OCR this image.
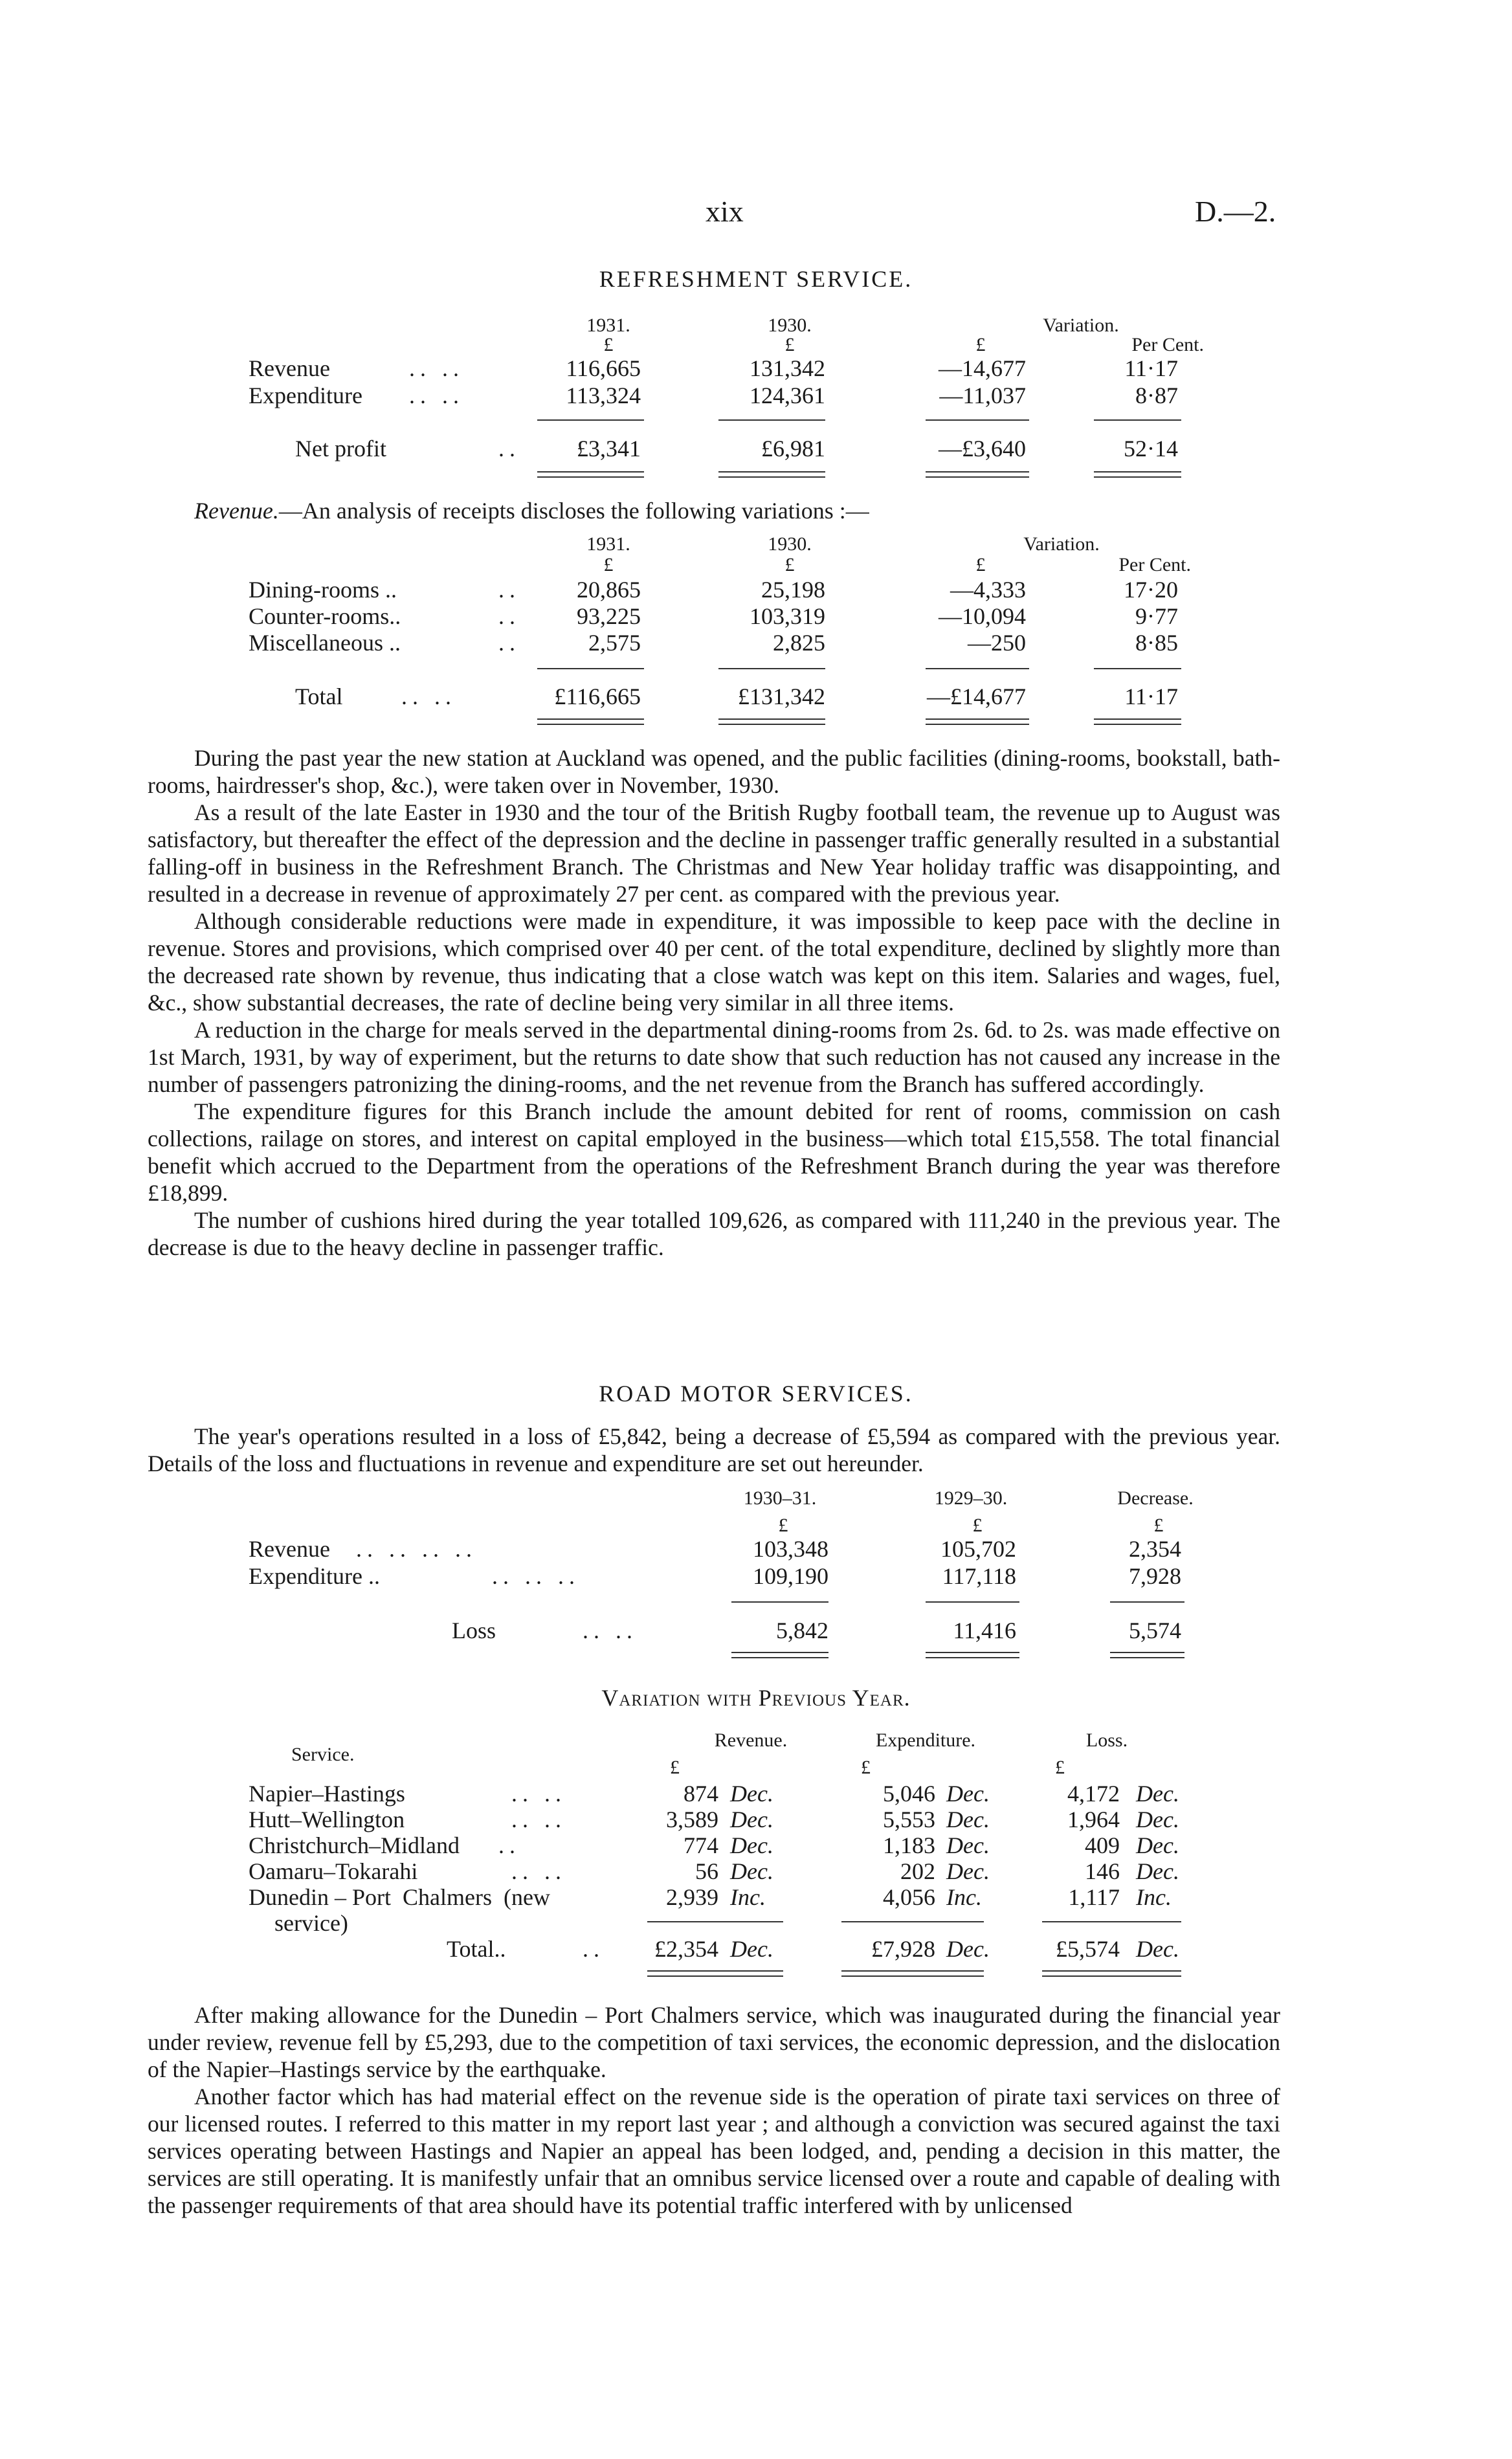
xix	D.—2.
REFRESHMENT SERVICE.
1931.	1930.	Variation.
£	£	£	Per Cent.
Revenue	.. ..	116,665	131,342	—14,677	11·17
Expenditure .. ..	113,324	124,361	—11,037	8·87
Net profit	..	£3,341	£6,981	—£3,640	52·14
Revenue.—An analysis of receipts discloses the following variations :—
1931.	1930.	Variation.
£	£	£	Per Cent.
Dining-rooms ..	..	20,865	25,198	—4,333	17·20
Counter-rooms..	..	93,225	103,319	—10,094	9·77
Miscellaneous ..	..	2,575	2,825	—250	8·85
Total	.. ..	£116,665	£131,342	—£14,677	11·17

During the past year the new station at Auckland was opened, and the public facilities (dining-rooms, bookstall, bath-rooms, hairdresser's shop, &c.), were taken over in November, 1930.

As a result of the late Easter in 1930 and the tour of the British Rugby football team, the revenue up to August was satisfactory, but thereafter the effect of the depression and the decline in passenger traffic generally resulted in a substantial falling-off in business in the Refreshment Branch. The Christmas and New Year holiday traffic was disappointing, and resulted in a decrease in revenue of approximately 27 per cent. as compared with the previous year.

Although considerable reductions were made in expenditure, it was impossible to keep pace with the decline in revenue. Stores and provisions, which comprised over 40 per cent. of the total expenditure, declined by slightly more than the decreased rate shown by revenue, thus indicating that a close watch was kept on this item. Salaries and wages, fuel, &c., show substantial decreases, the rate of decline being very similar in all three items.

A reduction in the charge for meals served in the departmental dining-rooms from 2s. 6d. to 2s. was made effective on 1st March, 1931, by way of experiment, but the returns to date show that such reduction has not caused any increase in the number of passengers patronizing the dining-rooms, and the net revenue from the Branch has suffered accordingly.

The expenditure figures for this Branch include the amount debited for rent of rooms, commission on cash collections, railage on stores, and interest on capital employed in the business—which total £15,558. The total financial benefit which accrued to the Department from the operations of the Refreshment Branch during the year was therefore £18,899.

The number of cushions hired during the year totalled 109,626, as compared with 111,240 in the previous year. The decrease is due to the heavy decline in passenger traffic.

ROAD MOTOR SERVICES.

The year's operations resulted in a loss of £5,842, being a decrease of £5,594 as compared with the previous year. Details of the loss and fluctuations in revenue and expenditure are set out hereunder.

1930–31.	1929–30.	Decrease.
£	£	£
Revenue .. .. .. ..	103,348	105,702	2,354
Expenditure ..	.. .. ..	109,190	117,118	7,928
Loss	.. ..	5,842	11,416	5,574
Variation with Previous Year.
Service.
Revenue.	Expenditure.	Loss.
£	£	£
Napier–Hastings	.. ..	874 Dec.	5,046 Dec.	4,172 Dec.
Hutt–Wellington	.. ..	3,589 Dec.	5,553 Dec.	1,964 Dec.
Christchurch–Midland ..	774 Dec.	1,183 Dec.	409 Dec.
Oamaru–Tokarahi	.. ..	56 Dec.	202 Dec.	146 Dec.
Dunedin – Port  Chalmers  (new	2,939 Inc.	4,056 Inc.	1,117 Inc.
service)
Total..	..	£2,354 Dec.	£7,928 Dec.	£5,574 Dec.

After making allowance for the Dunedin – Port Chalmers service, which was inaugurated during the financial year under review, revenue fell by £5,293, due to the competition of taxi services, the economic depression, and the dislocation of the Napier–Hastings service by the earthquake.

Another factor which has had material effect on the revenue side is the operation of pirate taxi services on three of our licensed routes. I referred to this matter in my report last year ; and although a conviction was secured against the taxi services operating between Hastings and Napier an appeal has been lodged, and, pending a decision in this matter, the services are still operating. It is manifestly unfair that an omnibus service licensed over a route and capable of dealing with the passenger requirements of that area should have its potential traffic interfered with by unlicensed
